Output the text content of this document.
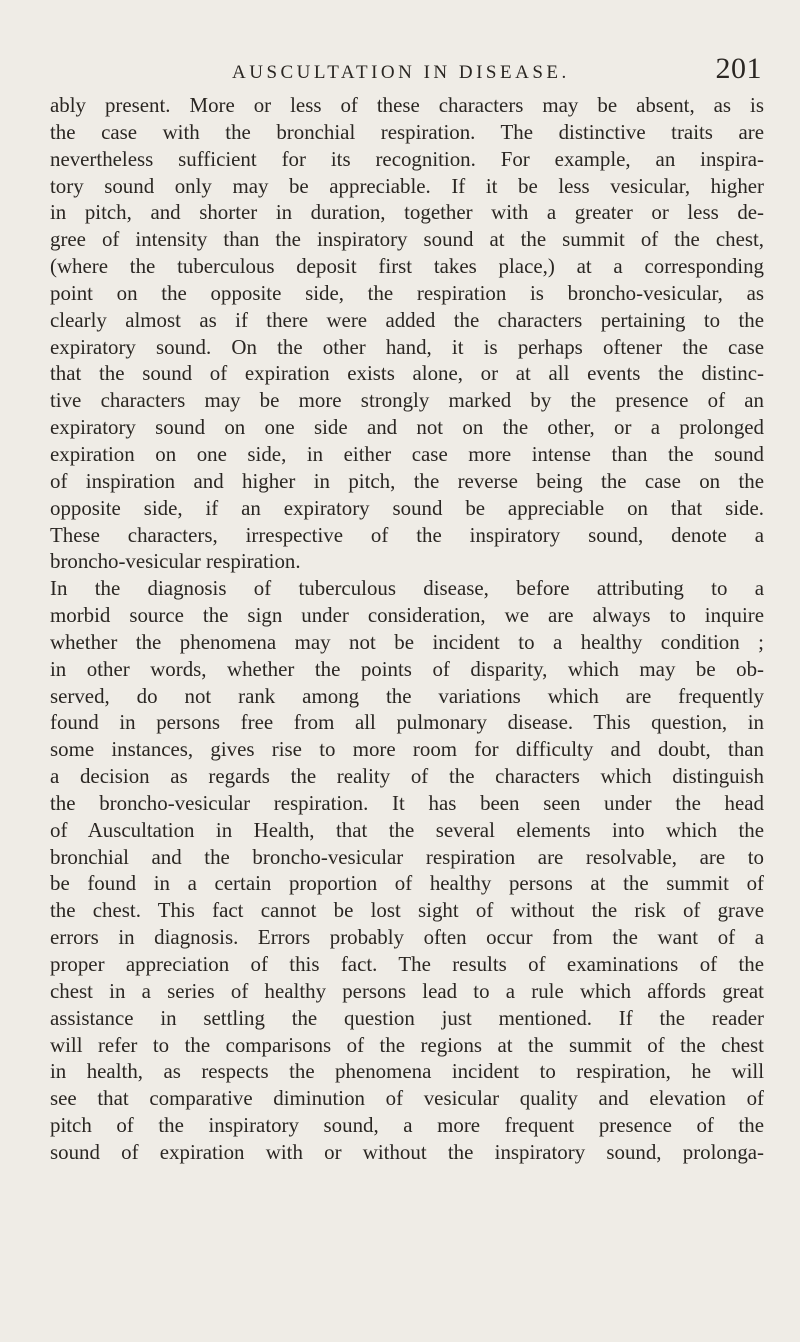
AUSCULTATION IN DISEASE.	201
ably present. More or less of these characters may be absent, as is
the case with the bronchial respiration. The distinctive traits are
nevertheless sufficient for its recognition. For example, an inspira-
tory sound only may be appreciable. If it be less vesicular, higher
in pitch, and shorter in duration, together with a greater or less de-
gree of intensity than the inspiratory sound at the summit of the chest,
(where the tuberculous deposit first takes place,) at a corresponding
point on the opposite side, the respiration is broncho-vesicular, as
clearly almost as if there were added the characters pertaining to the
expiratory sound. On the other hand, it is perhaps oftener the case
that the sound of expiration exists alone, or at all events the distinc-
tive characters may be more strongly marked by the presence of an
expiratory sound on one side and not on the other, or a prolonged
expiration on one side, in either case more intense than the sound
of inspiration and higher in pitch, the reverse being the case on the
opposite side, if an expiratory sound be appreciable on that side.
These characters, irrespective of the inspiratory sound, denote a
broncho-vesicular respiration.
In the diagnosis of tuberculous disease, before attributing to a
morbid source the sign under consideration, we are always to inquire
whether the phenomena may not be incident to a healthy condition ;
in other words, whether the points of disparity, which may be ob-
served, do not rank among the variations which are frequently
found in persons free from all pulmonary disease. This question, in
some instances, gives rise to more room for difficulty and doubt, than
a decision as regards the reality of the characters which distinguish
the broncho-vesicular respiration. It has been seen under the head
of Auscultation in Health, that the several elements into which the
bronchial and the broncho-vesicular respiration are resolvable, are to
be found in a certain proportion of healthy persons at the summit of
the chest. This fact cannot be lost sight of without the risk of grave
errors in diagnosis. Errors probably often occur from the want of a
proper appreciation of this fact. The results of examinations of the
chest in a series of healthy persons lead to a rule which affords great
assistance in settling the question just mentioned. If the reader
will refer to the comparisons of the regions at the summit of the chest
in health, as respects the phenomena incident to respiration, he will
see that comparative diminution of vesicular quality and elevation of
pitch of the inspiratory sound, a more frequent presence of the
sound of expiration with or without the inspiratory sound, prolonga-
